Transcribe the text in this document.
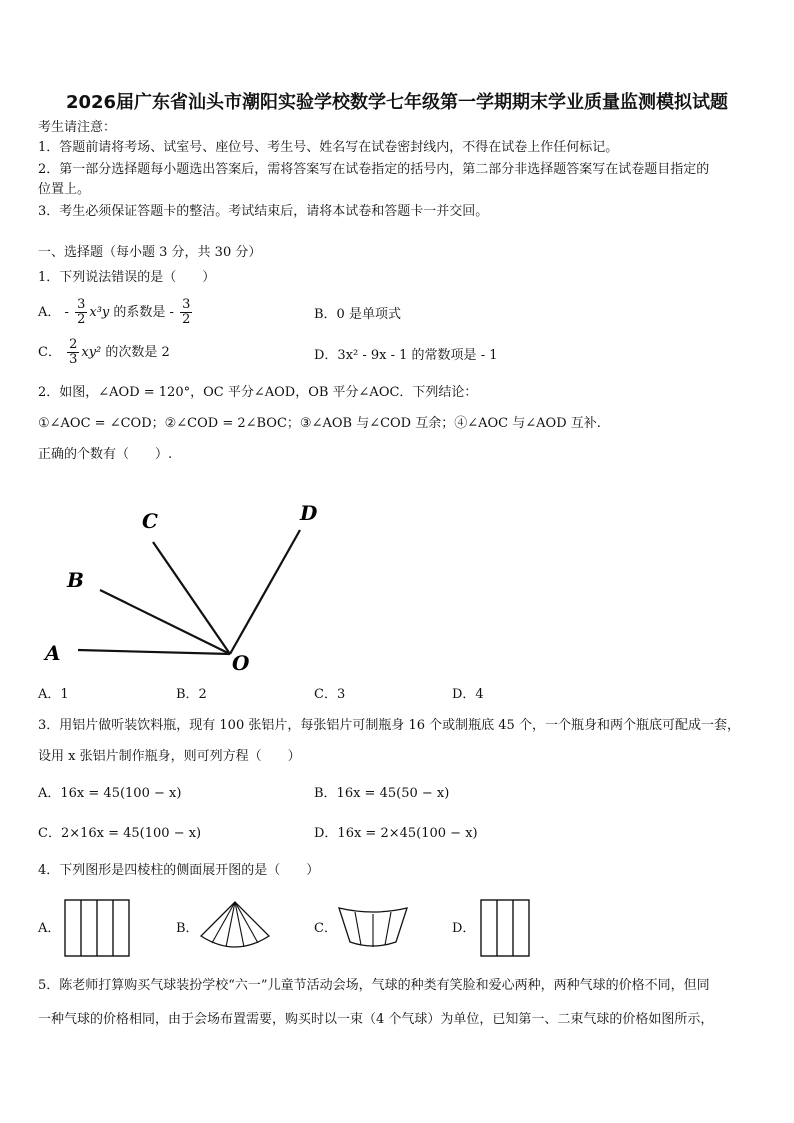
2026届广东省汕头市潮阳实验学校数学七年级第一学期期末学业质量监测模拟试题
考生请注意：
1．答题前请将考场、试室号、座位号、考生号、姓名写在试卷密封线内，不得在试卷上作任何标记。
2．第一部分选择题每小题选出答案后，需将答案写在试卷指定的括号内，第二部分非选择题答案写在试卷题目指定的
位置上。
3．考生必须保证答题卡的整洁。考试结束后，请将本试卷和答题卡一并交回。
一、选择题（每小题 3 分，共 30 分）
1．下列说法错误的是（　　）
A． - $\frac{3}{2} x^3y$ 的系数是 - $\frac{3}{2}$	B．0 是单项式
C． $\frac{2}{3} xy^2$ 的次数是 2	D．3x² - 9x - 1 的常数项是 - 1
2．如图，∠AOD = 120°，OC 平分∠AOD，OB 平分∠AOC．下列结论：
①∠AOC = ∠COD；②∠COD = 2∠BOC；③∠AOB 与∠COD 互余；④∠AOC 与∠AOD 互补.
正确的个数有（　　）.
A
B
C	D
O
A．1	B．2	C．3	D．4
3．用铝片做听装饮料瓶，现有 100 张铝片，每张铝片可制瓶身 16 个或制瓶底 45 个，一个瓶身和两个瓶底可配成一套，
设用 x 张铝片制作瓶身，则可列方程（　　）
A．16x = 45(100 − x)	B．16x = 45(50 − x)
C．2×16x = 45(100 − x)	D．16x = 2×45(100 − x)
4．下列图形是四棱柱的侧面展开图的是（　　）
A．	B．	C．	D．
5．陈老师打算购买气球装扮学校“六一”儿童节活动会场，气球的种类有笑脸和爱心两种，两种气球的价格不同，但同
一种气球的价格相同，由于会场布置需要，购买时以一束（4 个气球）为单位，已知第一、二束气球的价格如图所示，
